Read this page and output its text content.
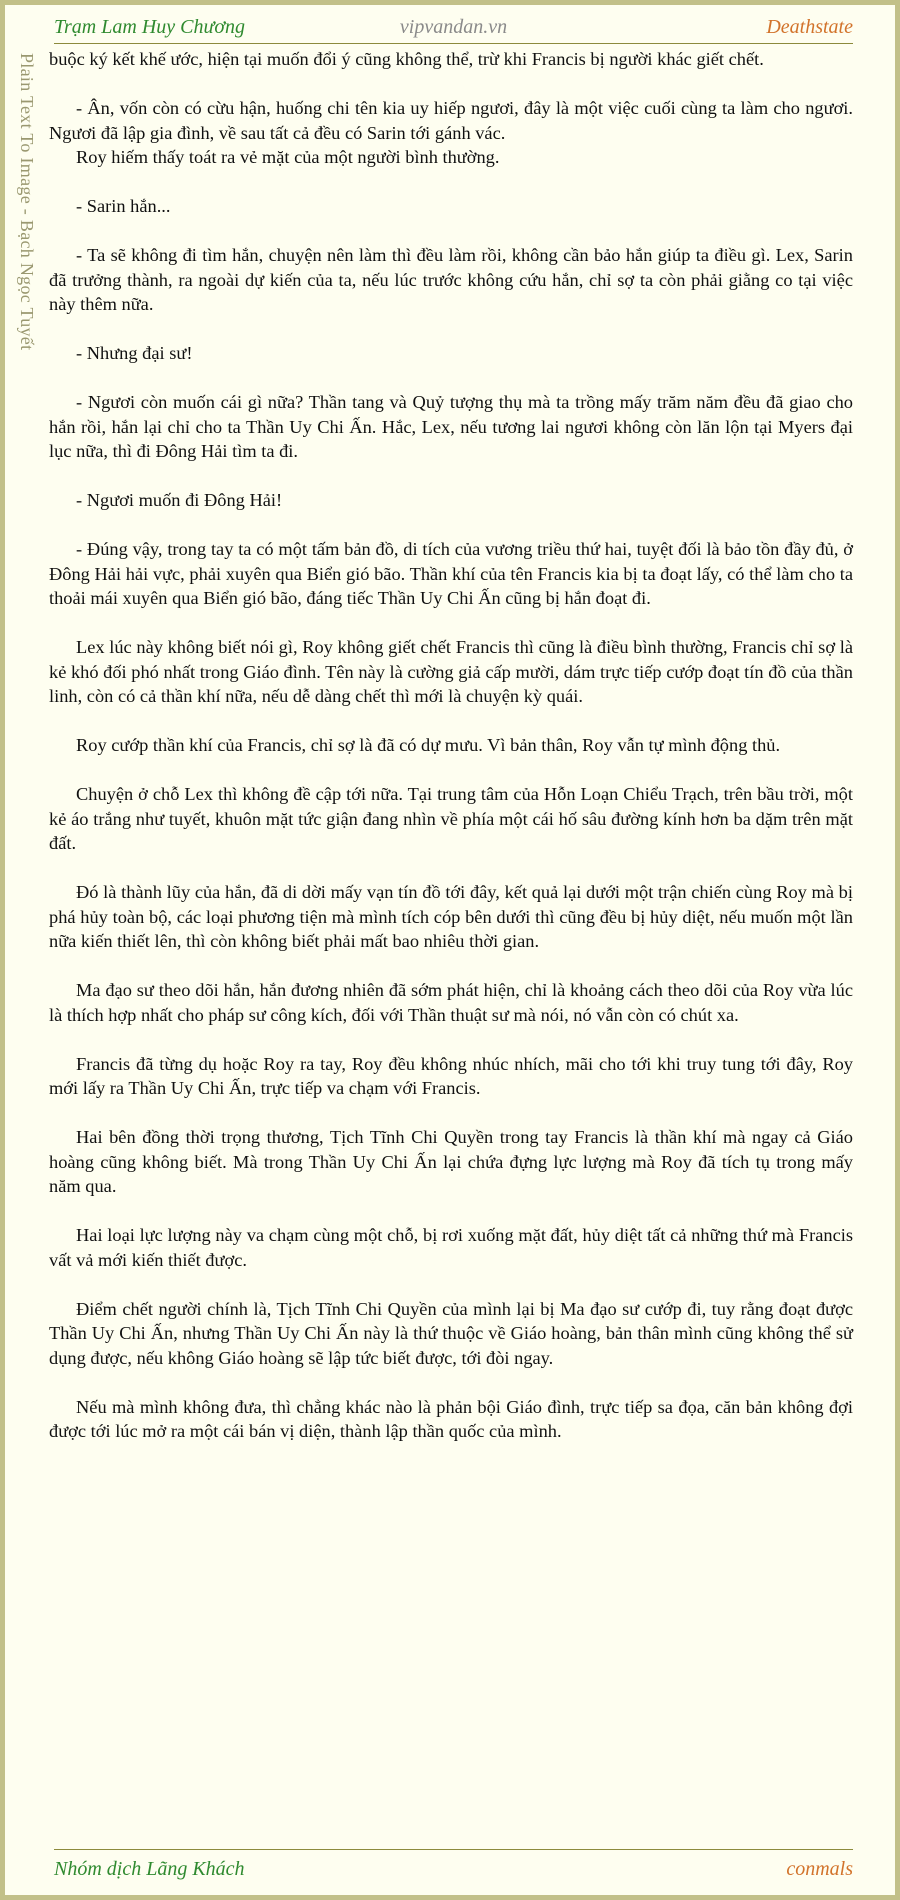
Trạm Lam Huy Chương	vipvandan.vn	Deathstate
Plain Text To Image - Bạch Ngọc Tuyết buộc ký kết khế ước, hiện tại muốn đổi ý cũng không thể, trừ khi Francis bị người khác giết chết.

- Ân, vốn còn có cừu hận, huống chi tên kia uy hiếp ngươi, đây là một việc cuối cùng ta làm cho ngươi. Ngươi đã lập gia đình, về sau tất cả đều có Sarin tới gánh vác.

Roy hiếm thấy toát ra vẻ mặt của một người bình thường.

- Sarin hắn...

- Ta sẽ không đi tìm hắn, chuyện nên làm thì đều làm rồi, không cần bảo hắn giúp ta điều gì. Lex, Sarin đã trưởng thành, ra ngoài dự kiến của ta, nếu lúc trước không cứu hắn, chỉ sợ ta còn phải giằng co tại việc này thêm nữa.

- Nhưng đại sư!

- Ngươi còn muốn cái gì nữa? Thần tang và Quỷ tượng thụ mà ta trồng mấy trăm năm đều đã giao cho hắn rồi, hắn lại chỉ cho ta Thần Uy Chi Ấn. Hắc, Lex, nếu tương lai ngươi không còn lăn lộn tại Myers đại lục nữa, thì đi Đông Hải tìm ta đi.

- Ngươi muốn đi Đông Hải!

- Đúng vậy, trong tay ta có một tấm bản đồ, di tích của vương triều thứ hai, tuyệt đối là bảo tồn đầy đủ, ở Đông Hải hải vực, phải xuyên qua Biển gió bão. Thần khí của tên Francis kia bị ta đoạt lấy, có thể làm cho ta thoải mái xuyên qua Biển gió bão, đáng tiếc Thần Uy Chi Ấn cũng bị hắn đoạt đi.

Lex lúc này không biết nói gì, Roy không giết chết Francis thì cũng là điều bình thường, Francis chỉ sợ là kẻ khó đối phó nhất trong Giáo đình. Tên này là cường giả cấp mười, dám trực tiếp cướp đoạt tín đồ của thần linh, còn có cả thần khí nữa, nếu dễ dàng chết thì mới là chuyện kỳ quái.

Roy cướp thần khí của Francis, chỉ sợ là đã có dự mưu. Vì bản thân, Roy vẫn tự mình động thủ.

Chuyện ở chỗ Lex thì không đề cập tới nữa. Tại trung tâm của Hỗn Loạn Chiểu Trạch, trên bầu trời, một kẻ áo trắng như tuyết, khuôn mặt tức giận đang nhìn về phía một cái hố sâu đường kính hơn ba dặm trên mặt đất.

Đó là thành lũy của hắn, đã di dời mấy vạn tín đồ tới đây, kết quả lại dưới một trận chiến cùng Roy mà bị phá hủy toàn bộ, các loại phương tiện mà mình tích cóp bên dưới thì cũng đều bị hủy diệt, nếu muốn một lần nữa kiến thiết lên, thì còn không biết phải mất bao nhiêu thời gian.

Ma đạo sư theo dõi hắn, hắn đương nhiên đã sớm phát hiện, chỉ là khoảng cách theo dõi của Roy vừa lúc là thích hợp nhất cho pháp sư công kích, đối với Thần thuật sư mà nói, nó vẫn còn có chút xa.

Francis đã từng dụ hoặc Roy ra tay, Roy đều không nhúc nhích, mãi cho tới khi truy tung tới đây, Roy mới lấy ra Thần Uy Chi Ấn, trực tiếp va chạm với Francis.

Hai bên đồng thời trọng thương, Tịch Tĩnh Chi Quyền trong tay Francis là thần khí mà ngay cả Giáo hoàng cũng không biết. Mà trong Thần Uy Chi Ấn lại chứa đựng lực lượng mà Roy đã tích tụ trong mấy năm qua.

Hai loại lực lượng này va chạm cùng một chỗ, bị rơi xuống mặt đất, hủy diệt tất cả những thứ mà Francis vất vả mới kiến thiết được.

Điểm chết người chính là, Tịch Tĩnh Chi Quyền của mình lại bị Ma đạo sư cướp đi, tuy rằng đoạt được Thần Uy Chi Ấn, nhưng Thần Uy Chi Ấn này là thứ thuộc về Giáo hoàng, bản thân mình cũng không thể sử dụng được, nếu không Giáo hoàng sẽ lập tức biết được, tới đòi ngay.

Nếu mà mình không đưa, thì chẳng khác nào là phản bội Giáo đình, trực tiếp sa đọa, căn bản không đợi được tới lúc mở ra một cái bán vị diện, thành lập thần quốc của mình.

Nhóm dịch Lãng Khách	conmals
